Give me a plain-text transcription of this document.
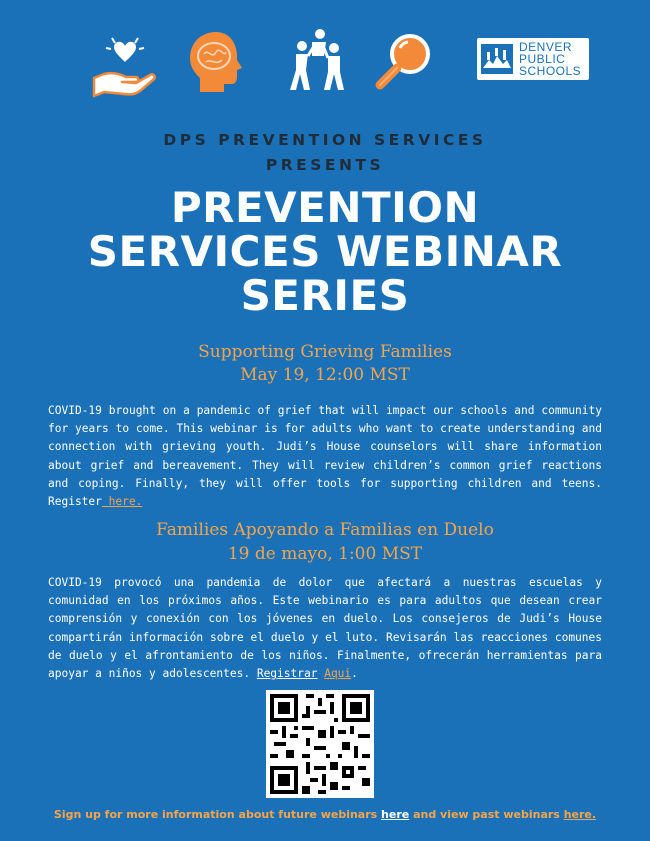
DENVER
PUBLIC
SCHOOLS
DPS PREVENTION SERVICES
PRESENTS
PREVENTION
SERVICES WEBINAR
SERIES
Supporting Grieving Families
May 19, 12:00 MST
COVID-19 brought on a pandemic of grief that will impact our schools and community for years to come. This webinar is for adults who want to create understanding and connection with grieving youth. Judi’s House counselors will share information about grief and bereavement. They will review children’s common grief reactions and coping. Finally, they will offer tools for supporting children and teens. Register here.
Families Apoyando a Familias en Duelo
19 de mayo, 1:00 MST
COVID-19 provocó una pandemia de dolor que afectará a nuestras escuelas y comunidad en los próximos años. Este webinario es para adultos que desean crear comprensión y conexión con los jóvenes en duelo. Los consejeros de Judi’s House compartirán información sobre el duelo y el luto. Revisarán las reacciones comunes de duelo y el afrontamiento de los niños. Finalmente, ofrecerán herramientas para apoyar a niños y adolescentes. Registrar Aqui.
Sign up for more information about future webinars here and view past webinars here.
